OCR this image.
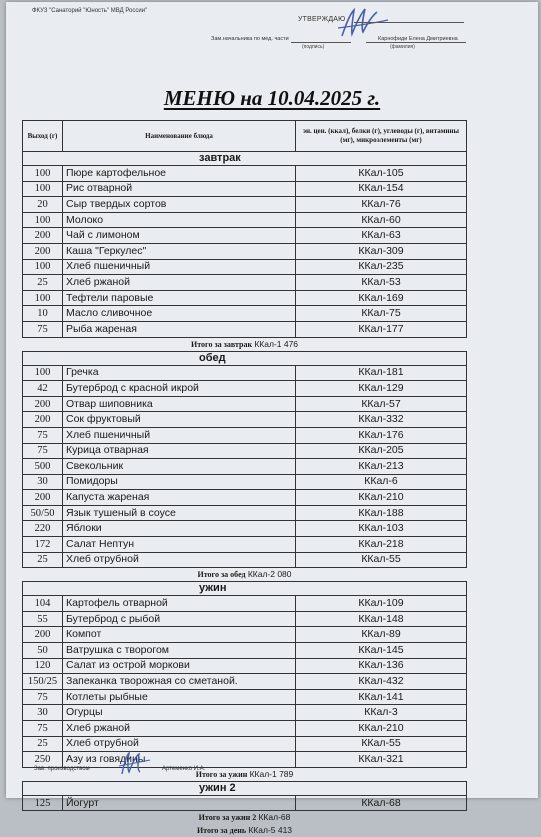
ФКУЗ "Санаторий "Юность" МВД России"
УТВЕРЖДАЮ
Зам.начальника по мед. части	Карнофиди Елена Дмитриевна
(подпись)	(фамилия)
МЕНЮ на 10.04.2025 г.
Выход (г)	Наименование блюда	эн. цен. (ккал), белки (г), углеводы (г), витамины (мг), микроэлементы (мг)
завтрак		
100	Пюре картофельное	ККал-105
100	Рис отварной	ККал-154
20	Сыр твердых сортов	ККал-76
100	Молоко	ККал-60
200	Чай с лимоном	ККал-63
200	Каша "Геркулес"	ККал-309
100	Хлеб пшеничный	ККал-235
25	Хлеб ржаной	ККал-53
100	Тефтели паровые	ККал-169
10	Масло сливочное	ККал-75
75	Рыба жареная	ККал-177
Итого за завтрак ККал-1 476		
обед		
100	Гречка	ККал-181
42	Бутерброд с красной икрой	ККал-129
200	Отвар шиповника	ККал-57
200	Сок фруктовый	ККал-332
75	Хлеб пшеничный	ККал-176
75	Курица отварная	ККал-205
500	Свекольник	ККал-213
30	Помидоры	ККал-6
200	Капуста жареная	ККал-210
50/50	Язык тушеный в соусе	ККал-188
220	Яблоки	ККал-103
172	Салат Нептун	ККал-218
25	Хлеб отрубной	ККал-55
Итого за обед ККал-2 080		
ужин		
104	Картофель отварной	ККал-109
55	Бутерброд с рыбой	ККал-148
200	Компот	ККал-89
50	Ватрушка с творогом	ККал-145
120	Салат из острой моркови	ККал-136
150/25	Запеканка творожная со сметаной.	ККал-432
75	Котлеты рыбные	ККал-141
30	Огурцы	ККал-3
75	Хлеб ржаной	ККал-210
25	Хлеб отрубной	ККал-55
250	Азу из говядины	ККал-321
Итого за ужин ККал-1 789		
ужин 2		
125	Йогурт	ККал-68
Итого за ужин 2 ККал-68		
Итого за день ККал-5 413		
Зав. производством	Артеменко И.А.
